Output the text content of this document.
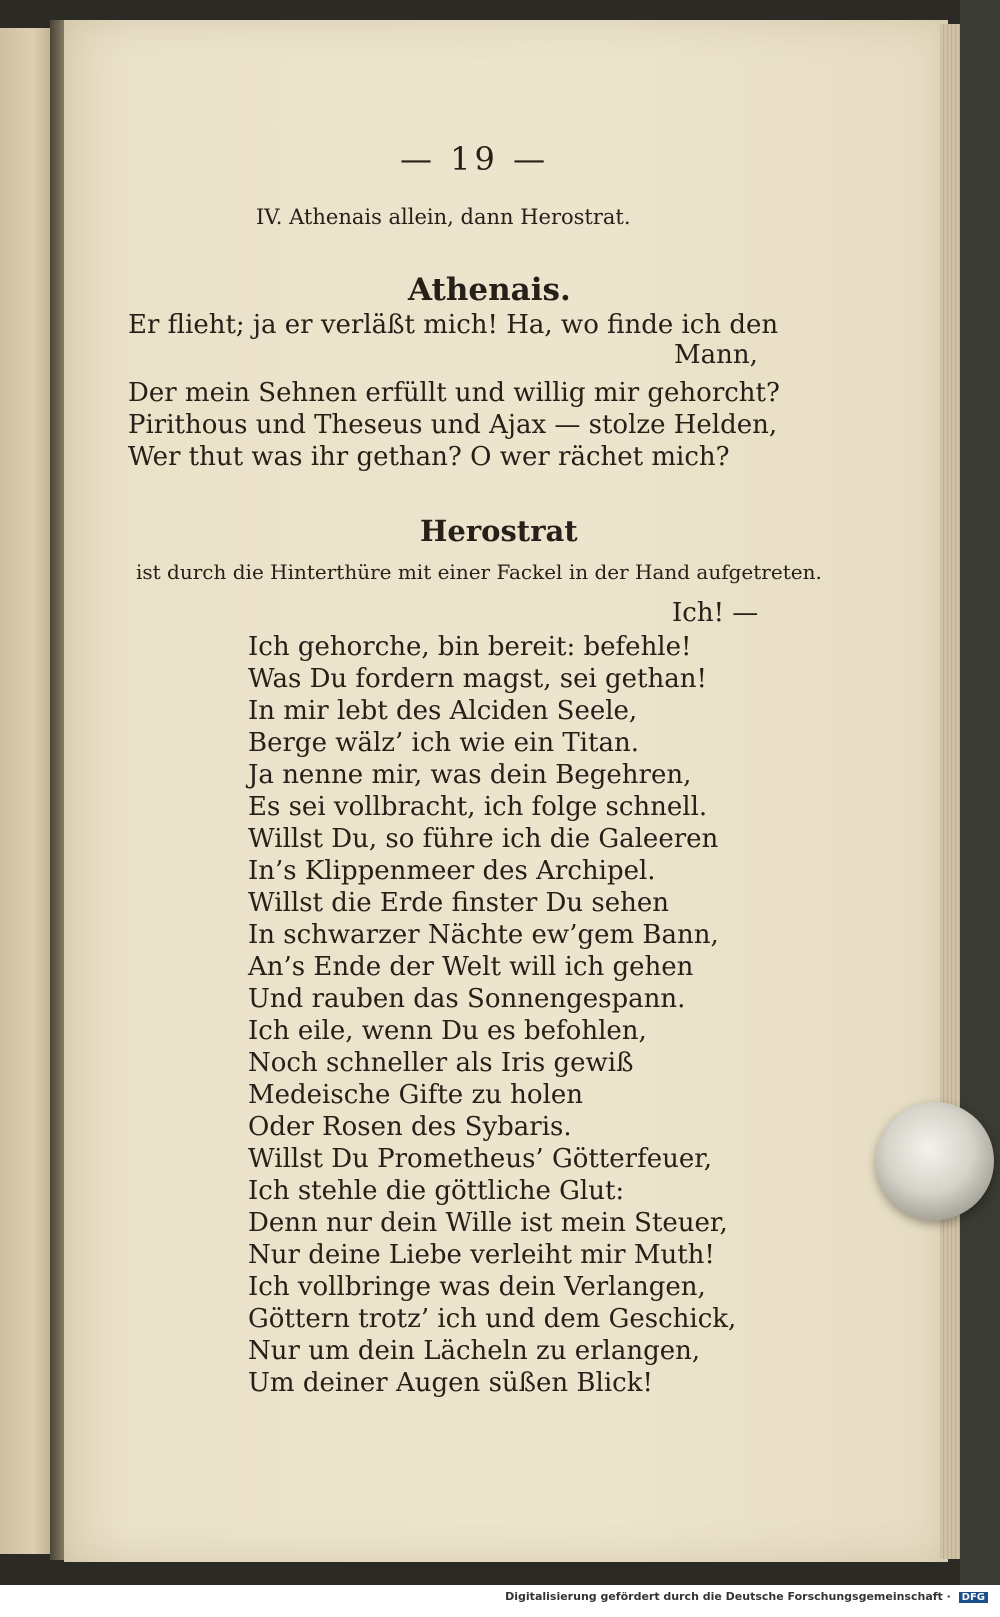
— 19 —
IV. Athenais allein, dann Herostrat.
Athenais.
Er flieht; ja er verläßt mich! Ha, wo finde ich den
Mann,
Der mein Sehnen erfüllt und willig mir gehorcht?
Pirithous und Theseus und Ajax — stolze Helden,
Wer thut was ihr gethan? O wer rächet mich?
Herostrat
ist durch die Hinterthüre mit einer Fackel in der Hand aufgetreten.
Ich! —
Ich gehorche, bin bereit: befehle!
Was Du fordern magst, sei gethan!
In mir lebt des Alciden Seele,
Berge wälz’ ich wie ein Titan.
Ja nenne mir, was dein Begehren,
Es sei vollbracht, ich folge schnell.
Willst Du, so führe ich die Galeeren
In’s Klippenmeer des Archipel.
Willst die Erde finster Du sehen
In schwarzer Nächte ew’gem Bann,
An’s Ende der Welt will ich gehen
Und rauben das Sonnengespann.
Ich eile, wenn Du es befohlen,
Noch schneller als Iris gewiß
Medeische Gifte zu holen
Oder Rosen des Sybaris.
Willst Du Prometheus’ Götterfeuer,
Ich stehle die göttliche Glut:
Denn nur dein Wille ist mein Steuer,
Nur deine Liebe verleiht mir Muth!
Ich vollbringe was dein Verlangen,
Göttern trotz’ ich und dem Geschick,
Nur um dein Lächeln zu erlangen,
Um deiner Augen süßen Blick!
Digitalisierung gefördert durch die Deutsche Forschungsgemeinschaft · DFG
